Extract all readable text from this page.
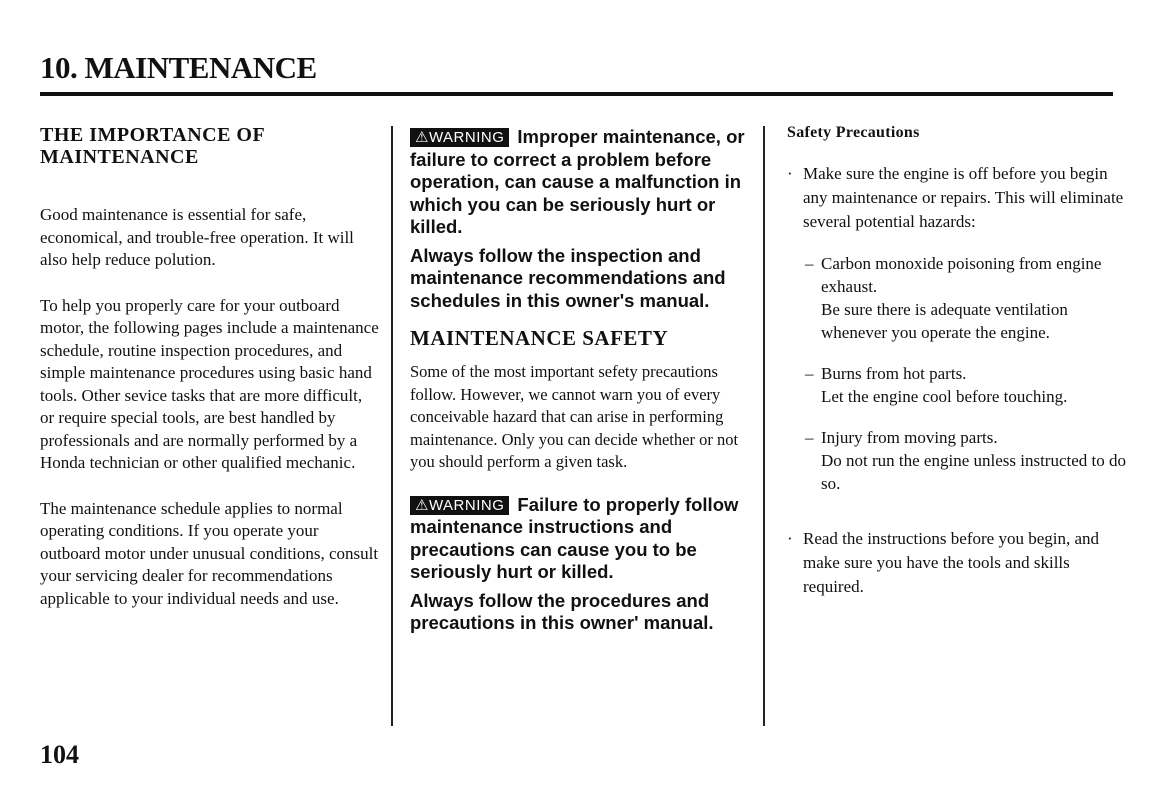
10. MAINTENANCE
THE IMPORTANCE OF MAINTENANCE

Good maintenance is essential for safe, economical, and trouble-free operation. It will also help reduce polution.

To help you properly care for your outboard motor, the following pages include a maintenance schedule, routine inspection procedures, and simple maintenance procedures using basic hand tools. Other sevice tasks that are more difficult, or require special tools, are best handled by professionals and are normally performed by a Honda technician or other qualified mechanic.

The maintenance schedule applies to normal operating conditions. If you operate your outboard motor under unusual conditions, consult your servicing dealer for recommendations applicable to your individual needs and use.

⚠WARNING Improper maintenance, or failure to correct a problem before operation, can cause a malfunction in which you can be seriously hurt or killed.

Always follow the inspection and maintenance recommendations and schedules in this owner's manual.

MAINTENANCE SAFETY

Some of the most important sefety precautions follow. However, we cannot warn you of every conceivable hazard that can arise in performing maintenance. Only you can decide whether or not you should perform a given task.

⚠WARNING Failure to properly follow maintenance instructions and precautions can cause you to be seriously hurt or killed.

Always follow the procedures and precautions in this owner' manual.

Safety Precautions

· Make sure the engine is off before you begin any maintenance or repairs. This will eliminate several potential hazards:

– Carbon monoxide poisoning from engine exhaust.
Be sure there is adequate ventilation whenever you operate the engine.
– Burns from hot parts.
Let the engine cool before touching.
– Injury from moving parts.
Do not run the engine unless instructed to do so.

· Read the instructions before you begin, and make sure you have the tools and skills required.

104
